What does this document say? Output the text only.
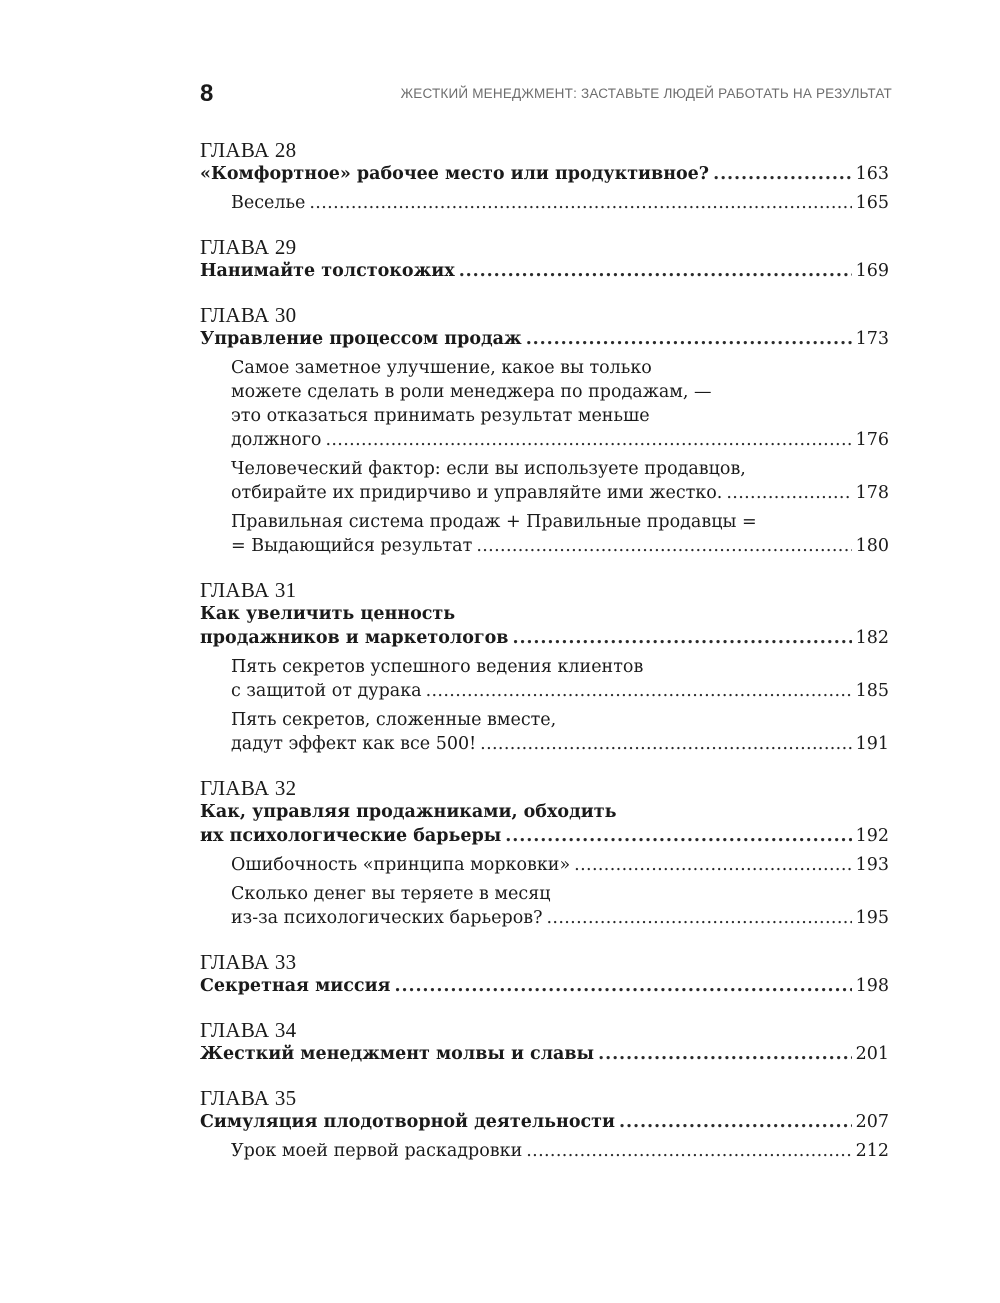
8	ЖЕСТКИЙ МЕНЕДЖМЕНТ: ЗАСТАВЬТЕ ЛЮДЕЙ РАБОТАТЬ НА РЕЗУЛЬТАТ
ГЛАВА 28
«Комфортное» рабочее место или продуктивное? . . .	163
Веселье . . .	165
ГЛАВА 29
Нанимайте толстокожих . . .	169
ГЛАВА 30
Управление процессом продаж . . .	173
Самое заметное улучшение, какое вы только
можете сделать в роли менеджера по продажам, —
это отказаться принимать результат меньше
должного . . .	176
Человеческий фактор: если вы используете продавцов,
отбирайте их придирчиво и управляйте ими жестко. . . .	178
Правильная система продаж + Правильные продавцы =
= Выдающийся результат . . .	180
ГЛАВА 31
Как увеличить ценность
продажников и маркетологов . . .	182
Пять секретов успешного ведения клиентов
с защитой от дурака . . .	185
Пять секретов, сложенные вместе,
дадут эффект как все 500! . . .	191
ГЛАВА 32
Как, управляя продажниками, обходить
их психологические барьеры . . .	192
Ошибочность «принципа морковки» . . .	193
Сколько денег вы теряете в месяц
из-за психологических барьеров? . . .	195
ГЛАВА 33
Секретная миссия . . .	198
ГЛАВА 34
Жесткий менеджмент молвы и славы . . .	201
ГЛАВА 35
Симуляция плодотворной деятельности . . .	207
Урок моей первой раскадровки . . .	212
